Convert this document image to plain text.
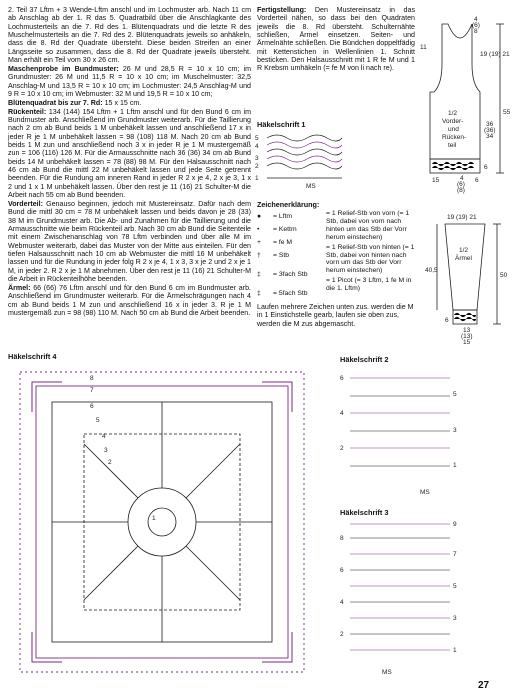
2. Teil 37 Lftm + 3 Wende-Lftm anschl und im Lochmuster arb. Nach 11 cm ab Anschlag ab der 1. R das 5. Quadratbild über die Anschlagkante des Lochmusterteils an die 7. Rd des 1. Blütenquadrats und die letzte R des Muschelmusterteils an die 7. Rd des 2. Blütenquadrats jeweils so anhäkeln, dass die 8. Rd der Quadrate übersteht. Diese beiden Streifen an einer Längsseite so zusammen, dass die 8. Rd der Quadrate jeweils übersteht. Man erhält ein Teil vom 30 x 26 cm.

Maschenprobe im Bundmuster: 26 M und 28,5 R = 10 x 10 cm; im Grundmuster: 26 M und 11,5 R = 10 x 10 cm; im Muschelmuster: 32,5 Anschlag-M und 13,5 R = 10 x 10 cm; im Lochmuster: 24,5 Anschlag-M und 9 R = 10 x 10 cm; im Webmuster: 32 M und 19,5 R = 10 x 10 cm;

Blütenquadrat bis zur 7. Rd: 15 x 15 cm.

Rückenteil: 134 (144) 154 Lftm + 1 Lftm anschl und für den Bund 6 cm im Bundmuster arb. Anschließend im Grundmuster weiterarb. Für die Taillierung nach 2 cm ab Bund beids 1 M unbehäkelt lassen und anschließend 17 x in jeder R je 1 M unbehäkelt lassen = 98 (108) 118 M. Nach 20 cm ab Bund beids 1 M zun und anschließend noch 3 x in jeder R je 1 M mustergemäß zun = 106 (116) 126 M. Für die Armausschnitte nach 36 (36) 34 cm ab Bund beids 14 M unbehäkelt lassen = 78 (88) 98 M. Für den Halsausschnitt nach 46 cm ab Bund die mittl 22 M unbehäkelt lassen und jede Seite getrennt beenden. Für die Rundung am inneren Rand in jeder R 2 x je 4, 2 x je 3, 1 x 2 und 1 x 1 M unbehäkelt lassen. Über den rest je 11 (16) 21 Schulter-M die Arbeit nach 55 cm ab Bund beenden.

Vorderteil: Genauso beginnen, jedoch mit Mustereinsatz. Dafür nach dem Bund die mittl 30 cm = 78 M unbehäkelt lassen und beids davon je 28 (33) 38 M im Grundmuster arb. Die Ab- und Zunahmen für die Taillierung und die Armausschnitte wie beim Rückenteil arb. Nach 30 cm ab Bund die Seitenteile mit einem Zwischenanschlag von 78 Lftm verbinden und über alle M im Webmuster weiterarb, dabei das Muster von der Mitte aus einteilen. Für den tiefen Halsausschnitt nach 10 cm ab Webmuster die mittl 16 M unbehäkelt lassen und für die Rundung in jeder folg R 2 x je 4, 1 x 3, 3 x je 2 und 2 x je 1 M, in jeder 2. R 2 x je 1 M abnehmen. Über den rest je 11 (16) 21 Schulter-M die Arbeit in Rückenteilhöhe beenden.

Ärmel: 66 (66) 76 Lftm anschl und für den Bund 6 cm im Bundmuster arb. Anschließend im Grundmuster weiterarb. Für die Ärmelschrägungen nach 4 cm ab Bund beids 1 M zun und anschließend 16 x in jeder 3. R je 1 M mustergemäß zun = 98 (98) 110 M. Nach 50 cm ab Bund die Arbeit beenden.

Fertigstellung: Den Mustereinsatz in das Vorderteil nähen, so dass bei den Quadraten jeweils die 8. Rd übersteht. Schulternähte schließen, Ärmel einsetzen. Seiten- und Ärmelnähte schließen. Die Bündchen doppeltfädig mit Kettenstichen in Wellenlinien 1. Schnitt besticken. Den Halsausschnitt mit 1 R fe M und 1 R Krebsm umhäkeln (= fe M von li nach re).

Häkelschrift 1
5
4
3
2
1
MS
Zeichenerklärung:
● = Lftm
• = Kettm
+ = fe M
† = Stb
‡ = 3fach Stb
‡ = 5fach Stb
= 1 Relief-Stb von vorn (= 1 Stb, dabei von vorn nach hinten um das Stb der Vorr herum einstechen)
= 1 Relief-Stb von hinten (= 1 Stb, dabei von hinten nach vorn um das Stb der Vorr herum einstechen)
= 1 Picot (= 3 Lftm, 1 fe M in die 1. Lftm)
Laufen mehrere Zeichen unten zus. werden die M in 1 Einstichstelle gearb, laufen sie oben zus, werden die M zus abgemascht.
4
(6)
8
19 (19) 21
11
36
(36)
34
55
6
1/2
Vorder-
und
Rücken-
teil
15	4
(6)
(8)
6
19 (19) 21
40,5
50
1/2
Ärmel
6
13
(13)
15
Häkelschrift 4
8
7
6
5
4
3
2
1
Häkelschrift 2
6
5
4
3
2
1
MS
Häkelschrift 3
9
8
7
6
5
4
3
2
1
MS
27
